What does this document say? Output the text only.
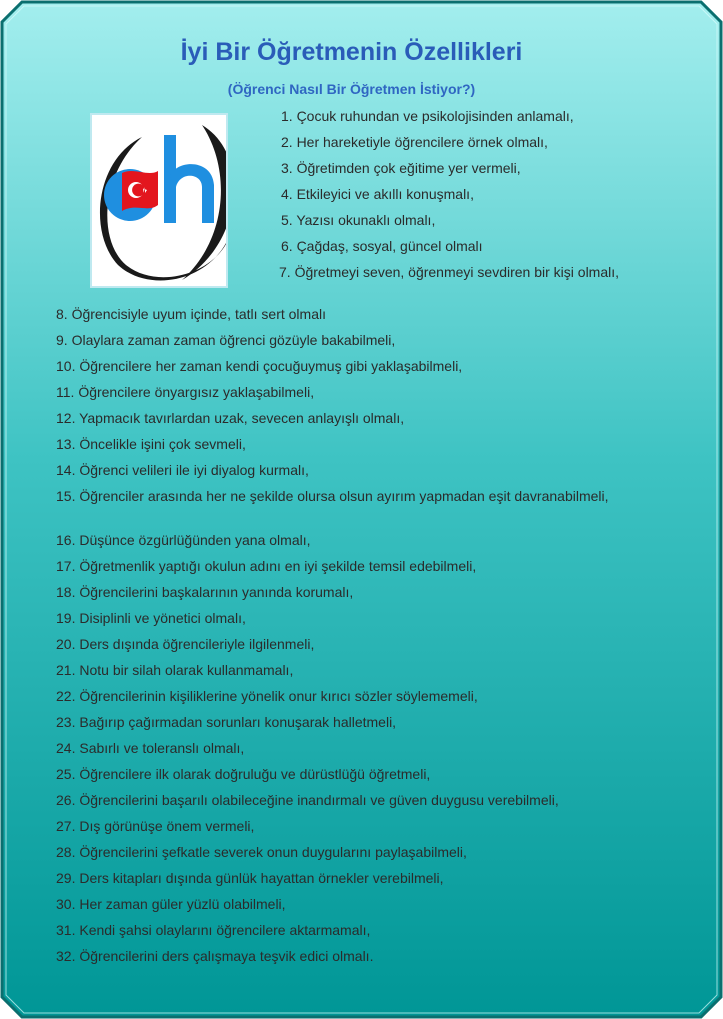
İyi Bir Öğretmenin Özellikleri
(Öğrenci Nasıl Bir Öğretmen İstiyor?)
1. Çocuk ruhundan ve psikolojisinden anlamalı,
2. Her hareketiyle öğrencilere örnek olmalı,
3. Öğretimden çok eğitime yer vermeli,
4. Etkileyici ve akıllı konuşmalı,
5. Yazısı okunaklı olmalı,
6. Çağdaş, sosyal, güncel olmalı
7. Öğretmeyi seven, öğrenmeyi sevdiren bir kişi olmalı,
8. Öğrencisiyle uyum içinde, tatlı sert olmalı
9. Olaylara zaman zaman öğrenci gözüyle bakabilmeli,
10. Öğrencilere her zaman kendi çocuğuymuş gibi yaklaşabilmeli,
11. Öğrencilere önyargısız yaklaşabilmeli,
12. Yapmacık tavırlardan uzak, sevecen anlayışlı olmalı,
13. Öncelikle işini çok sevmeli,
14. Öğrenci velileri ile iyi diyalog kurmalı,
15. Öğrenciler arasında her ne şekilde olursa olsun ayırım yapmadan eşit davranabilmeli,
16. Düşünce özgürlüğünden yana olmalı,
17. Öğretmenlik yaptığı okulun adını en iyi şekilde temsil edebilmeli,
18. Öğrencilerini başkalarının yanında korumalı,
19. Disiplinli ve yönetici olmalı,
20. Ders dışında öğrencileriyle ilgilenmeli,
21. Notu bir silah olarak kullanmamalı,
22. Öğrencilerinin kişiliklerine yönelik onur kırıcı sözler söylememeli,
23. Bağırıp çağırmadan sorunları konuşarak halletmeli,
24. Sabırlı ve toleranslı olmalı,
25. Öğrencilere ilk olarak doğruluğu ve dürüstlüğü öğretmeli,
26. Öğrencilerini başarılı olabileceğine inandırmalı ve güven duygusu verebilmeli,
27. Dış görünüşe önem vermeli,
28. Öğrencilerini şefkatle severek onun duygularını paylaşabilmeli,
29. Ders kitapları dışında günlük hayattan örnekler verebilmeli,
30. Her zaman güler yüzlü olabilmeli,
31. Kendi şahsi olaylarını öğrencilere aktarmamalı,
32. Öğrencilerini ders çalışmaya teşvik edici olmalı.
